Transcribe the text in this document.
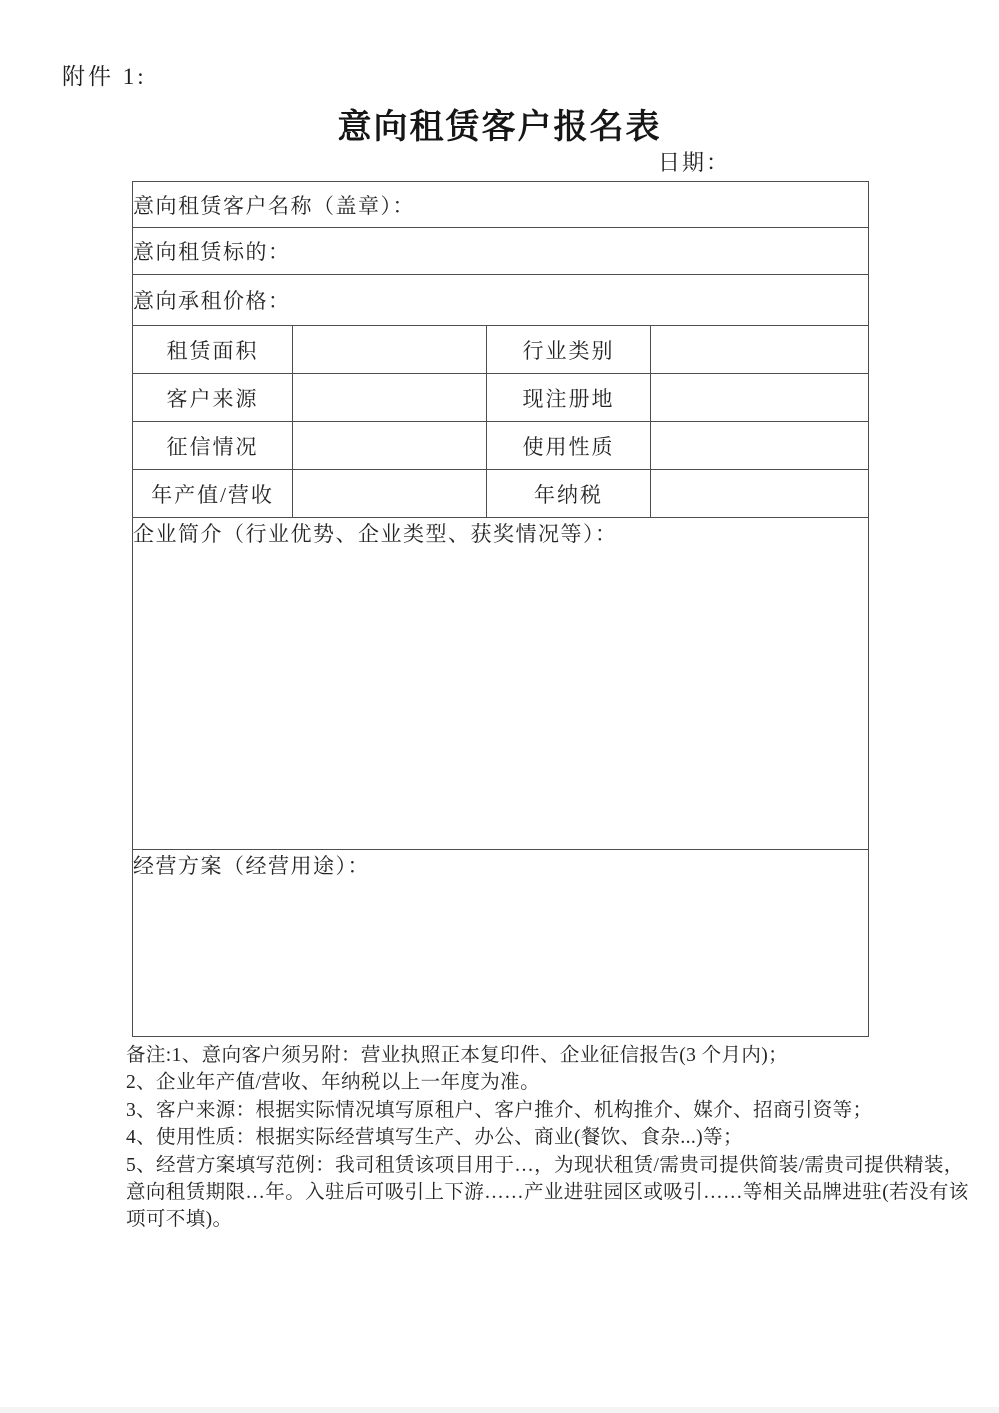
附件 1:
意向租赁客户报名表
日期：
意向租赁客户名称（盖章）：			
意向租赁标的：			
意向承租价格：			
租赁面积		行业类别	
客户来源		现注册地	
征信情况		使用性质	
年产值/营收		年纳税	
企业简介（行业优势、企业类型、获奖情况等）：			
经营方案（经营用途）：			
备注:1、意向客户须另附：营业执照正本复印件、企业征信报告(3 个月内)；
2、企业年产值/营收、年纳税以上一年度为准。
3、客户来源：根据实际情况填写原租户、客户推介、机构推介、媒介、招商引资等；
4、使用性质：根据实际经营填写生产、办公、商业(餐饮、食杂...)等；
5、经营方案填写范例：我司租赁该项目用于…，为现状租赁/需贵司提供简装/需贵司提供精装，
意向租赁期限…年。入驻后可吸引上下游……产业进驻园区或吸引……等相关品牌进驻(若没有该
项可不填)。
